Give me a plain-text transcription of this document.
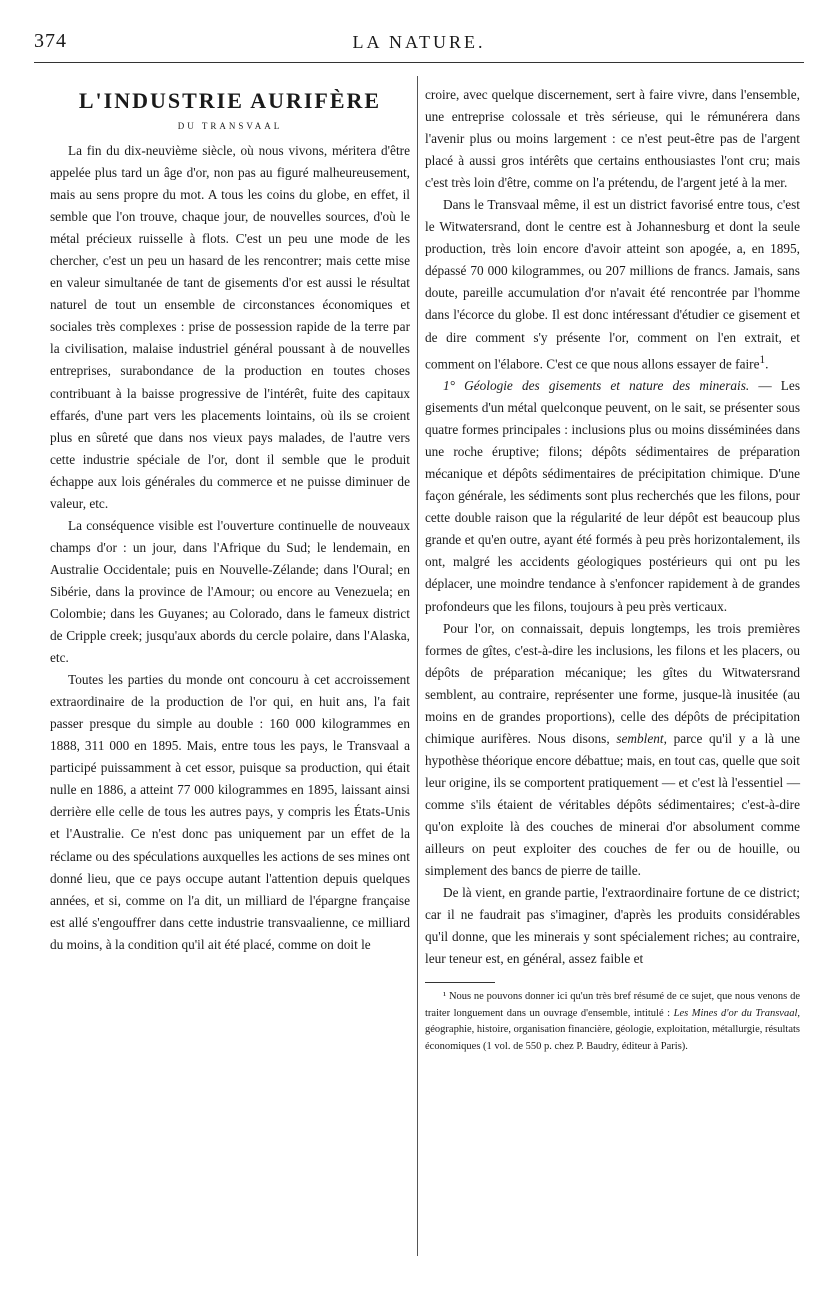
374	LA NATURE.
L'INDUSTRIE AURIFÈRE
DU TRANSVAAL

La fin du dix-neuvième siècle, où nous vivons, méritera d'être appelée plus tard un âge d'or, non pas au figuré malheureusement, mais au sens propre du mot. A tous les coins du globe, en effet, il semble que l'on trouve, chaque jour, de nouvelles sources, d'où le métal précieux ruisselle à flots. C'est un peu une mode de les chercher, c'est un peu un hasard de les rencontrer; mais cette mise en valeur simultanée de tant de gisements d'or est aussi le résultat naturel de tout un ensemble de circonstances économiques et sociales très complexes : prise de possession rapide de la terre par la civilisation, malaise industriel général poussant à de nouvelles entreprises, surabondance de la production en toutes choses contribuant à la baisse progressive de l'intérêt, fuite des capitaux effarés, d'une part vers les placements lointains, où ils se croient plus en sûreté que dans nos vieux pays malades, de l'autre vers cette industrie spéciale de l'or, dont il semble que le produit échappe aux lois générales du commerce et ne puisse diminuer de valeur, etc.

La conséquence visible est l'ouverture continuelle de nouveaux champs d'or : un jour, dans l'Afrique du Sud; le lendemain, en Australie Occidentale; puis en Nouvelle-Zélande; dans l'Oural; en Sibérie, dans la province de l'Amour; ou encore au Venezuela; en Colombie; dans les Guyanes; au Colorado, dans le fameux district de Cripple creek; jusqu'aux abords du cercle polaire, dans l'Alaska, etc.

Toutes les parties du monde ont concouru à cet accroissement extraordinaire de la production de l'or qui, en huit ans, l'a fait passer presque du simple au double : 160 000 kilogrammes en 1888, 311 000 en 1895. Mais, entre tous les pays, le Transvaal a participé puissamment à cet essor, puisque sa production, qui était nulle en 1886, a atteint 77 000 kilogrammes en 1895, laissant ainsi derrière elle celle de tous les autres pays, y compris les États-Unis et l'Australie. Ce n'est donc pas uniquement par un effet de la réclame ou des spéculations auxquelles les actions de ses mines ont donné lieu, que ce pays occupe autant l'attention depuis quelques années, et si, comme on l'a dit, un milliard de l'épargne française est allé s'engouffrer dans cette industrie transvaalienne, ce milliard du moins, à la condition qu'il ait été placé, comme on doit le

croire, avec quelque discernement, sert à faire vivre, dans l'ensemble, une entreprise colossale et très sérieuse, qui le rémunérera dans l'avenir plus ou moins largement : ce n'est peut-être pas de l'argent placé à aussi gros intérêts que certains enthousiastes l'ont cru; mais c'est très loin d'être, comme on l'a prétendu, de l'argent jeté à la mer.

Dans le Transvaal même, il est un district favorisé entre tous, c'est le Witwatersrand, dont le centre est à Johannesburg et dont la seule production, très loin encore d'avoir atteint son apogée, a, en 1895, dépassé 70 000 kilogrammes, ou 207 millions de francs. Jamais, sans doute, pareille accumulation d'or n'avait été rencontrée par l'homme dans l'écorce du globe. Il est donc intéressant d'étudier ce gisement et de dire comment s'y présente l'or, comment on l'en extrait, et comment on l'élabore. C'est ce que nous allons essayer de faire$^1$.

1° Géologie des gisements et nature des minerais. — Les gisements d'un métal quelconque peuvent, on le sait, se présenter sous quatre formes principales : inclusions plus ou moins disséminées dans une roche éruptive; filons; dépôts sédimentaires de préparation mécanique et dépôts sédimentaires de précipitation chimique. D'une façon générale, les sédiments sont plus recherchés que les filons, pour cette double raison que la régularité de leur dépôt est beaucoup plus grande et qu'en outre, ayant été formés à peu près horizontalement, ils ont, malgré les accidents géologiques postérieurs qui ont pu les déplacer, une moindre tendance à s'enfoncer rapidement à de grandes profondeurs que les filons, toujours à peu près verticaux.

Pour l'or, on connaissait, depuis longtemps, les trois premières formes de gîtes, c'est-à-dire les inclusions, les filons et les placers, ou dépôts de préparation mécanique; les gîtes du Witwatersrand semblent, au contraire, représenter une forme, jusque-là inusitée (au moins en de grandes proportions), celle des dépôts de précipitation chimique aurifères. Nous disons, semblent, parce qu'il y a là une hypothèse théorique encore débattue; mais, en tout cas, quelle que soit leur origine, ils se comportent pratiquement — et c'est là l'essentiel — comme s'ils étaient de véritables dépôts sédimentaires; c'est-à-dire qu'on exploite là des couches de minerai d'or absolument comme ailleurs on peut exploiter des couches de fer ou de houille, ou simplement des bancs de pierre de taille.

De là vient, en grande partie, l'extraordinaire fortune de ce district; car il ne faudrait pas s'imaginer, d'après les produits considérables qu'il donne, que les minerais y sont spécialement riches; au contraire, leur teneur est, en général, assez faible et

¹ Nous ne pouvons donner ici qu'un très bref résumé de ce sujet, que nous venons de traiter longuement dans un ouvrage d'ensemble, intitulé : Les Mines d'or du Transvaal, géographie, histoire, organisation financière, géologie, exploitation, métallurgie, résultats économiques (1 vol. de 550 p. chez P. Baudry, éditeur à Paris).
